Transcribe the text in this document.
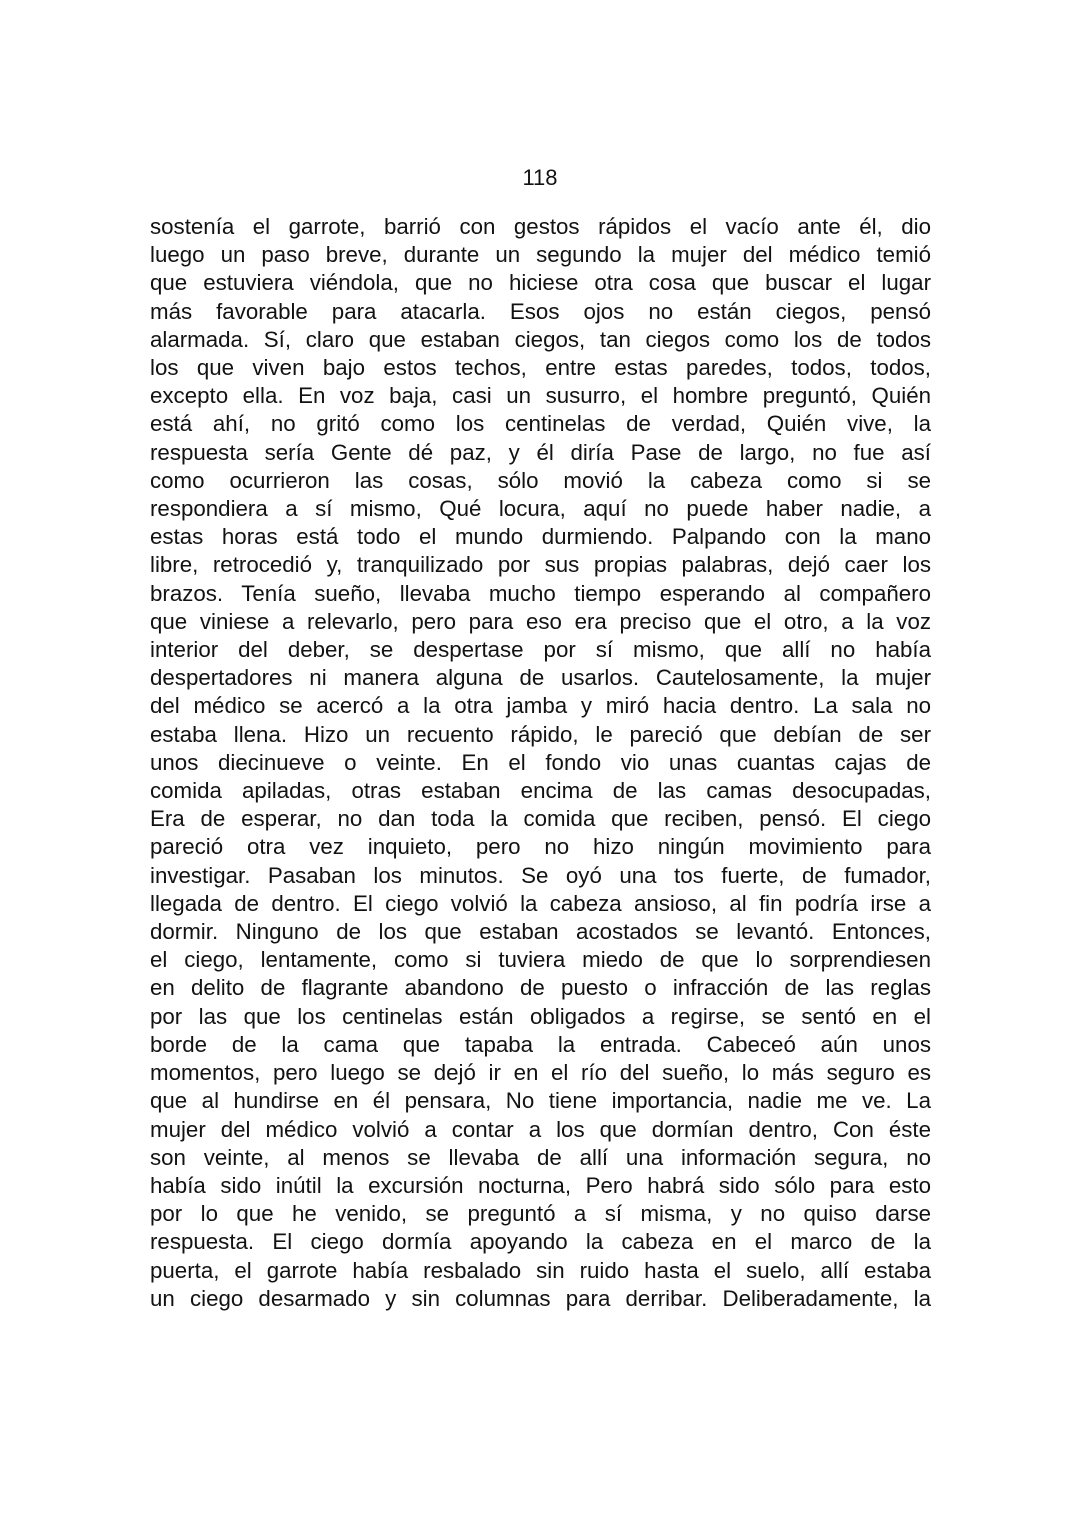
118
sostenía el garrote, barrió con gestos rápidos el vacío ante él, dio
luego un paso breve, durante un segundo la mujer del médico temió
que estuviera viéndola, que no hiciese otra cosa que buscar el lugar
más favorable para atacarla. Esos ojos no están ciegos, pensó
alarmada. Sí, claro que estaban ciegos, tan ciegos como los de todos
los que viven bajo estos techos, entre estas paredes, todos, todos,
excepto ella. En voz baja, casi un susurro, el hombre preguntó, Quién
está ahí, no gritó como los centinelas de verdad, Quién vive, la
respuesta sería Gente dé paz, y él diría Pase de largo, no fue así
como ocurrieron las cosas, sólo movió la cabeza como si se
respondiera a sí mismo, Qué locura, aquí no puede haber nadie, a
estas horas está todo el mundo durmiendo. Palpando con la mano
libre, retrocedió y, tranquilizado por sus propias palabras, dejó caer los
brazos. Tenía sueño, llevaba mucho tiempo esperando al compañero
que viniese a relevarlo, pero para eso era preciso que el otro, a la voz
interior del deber, se despertase por sí mismo, que allí no había
despertadores ni manera alguna de usarlos. Cautelosamente, la mujer
del médico se acercó a la otra jamba y miró hacia dentro. La sala no
estaba llena. Hizo un recuento rápido, le pareció que debían de ser
unos diecinueve o veinte. En el fondo vio unas cuantas cajas de
comida apiladas, otras estaban encima de las camas desocupadas,
Era de esperar, no dan toda la comida que reciben, pensó. El ciego
pareció otra vez inquieto, pero no hizo ningún movimiento para
investigar. Pasaban los minutos. Se oyó una tos fuerte, de fumador,
llegada de dentro. El ciego volvió la cabeza ansioso, al fin podría irse a
dormir. Ninguno de los que estaban acostados se levantó. Entonces,
el ciego, lentamente, como si tuviera miedo de que lo sorprendiesen
en delito de flagrante abandono de puesto o infracción de las reglas
por las que los centinelas están obligados a regirse, se sentó en el
borde de la cama que tapaba la entrada. Cabeceó aún unos
momentos, pero luego se dejó ir en el río del sueño, lo más seguro es
que al hundirse en él pensara, No tiene importancia, nadie me ve. La
mujer del médico volvió a contar a los que dormían dentro, Con éste
son veinte, al menos se llevaba de allí una información segura, no
había sido inútil la excursión nocturna, Pero habrá sido sólo para esto
por lo que he venido, se preguntó a sí misma, y no quiso darse
respuesta. El ciego dormía apoyando la cabeza en el marco de la
puerta, el garrote había resbalado sin ruido hasta el suelo, allí estaba
un ciego desarmado y sin columnas para derribar. Deliberadamente, la
